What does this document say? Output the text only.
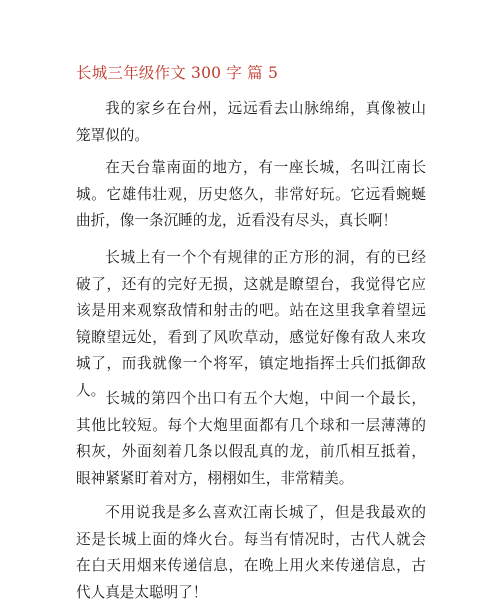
长城三年级作文 300 字 篇 5

我的家乡在台州，远远看去山脉绵绵，真像被山笼罩似的。

在天台靠南面的地方，有一座长城，名叫江南长城。它雄伟壮观，历史悠久，非常好玩。它远看蜿蜒曲折，像一条沉睡的龙，近看没有尽头，真长啊！

长城上有一个个有规律的正方形的洞，有的已经破了，还有的完好无损，这就是瞭望台，我觉得它应该是用来观察敌情和射击的吧。站在这里我拿着望远镜瞭望远处，看到了风吹草动，感觉好像有敌人来攻城了，而我就像一个将军，镇定地指挥士兵们抵御敌人。 长城的第四个出口有五个大炮，中间一个最长，其他比较短。每个大炮里面都有几个球和一层薄薄的积灰，外面刻着几条以假乱真的龙，前爪相互抵着，眼神紧紧盯着对方，栩栩如生，非常精美。

不用说我是多么喜欢江南长城了，但是我最欢的还是长城上面的烽火台。每当有情况时，古代人就会在白天用烟来传递信息，在晚上用火来传递信息，古代人真是太聪明了！
